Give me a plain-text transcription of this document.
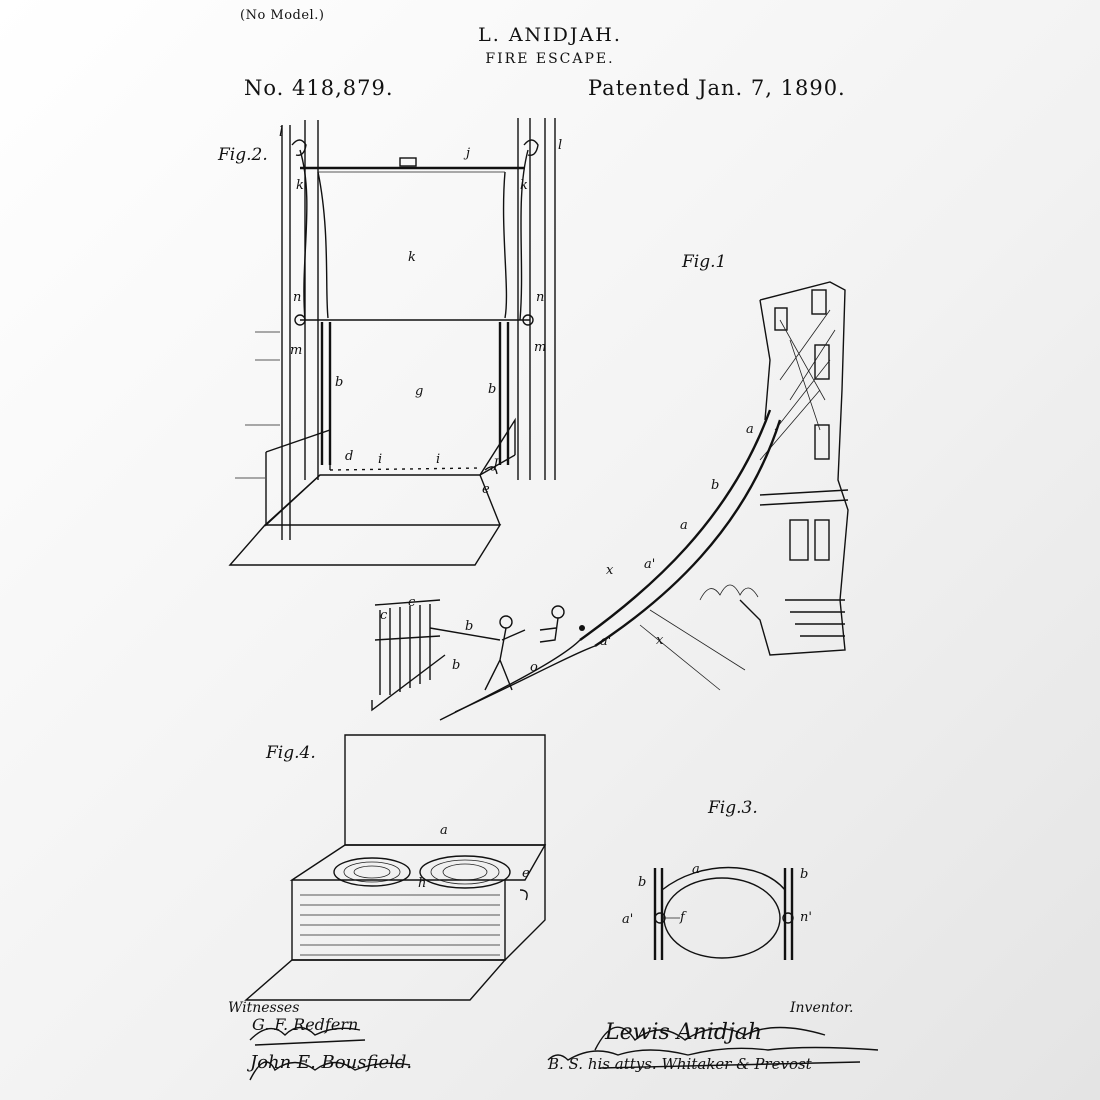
(No Model.)
L. ANIDJAH.
FIRE ESCAPE.
No. 418,879.	Patented Jan. 7, 1890.
Fig.2.
Fig.1
Fig.4.
Fig.3.
l
l
j
k
k
k
n	n
m	m
b	b
g
d i	i	J
e
a
b
a
a'
x
x
a'
b
c
c
b	o
a
b
b
a'	f	n'
a
h
e
Witnesses	Inventor.
G. F. Redfern
John E. Bousfield.
Lewis Anidjah
B. S. his attys. Whitaker & Prevost
